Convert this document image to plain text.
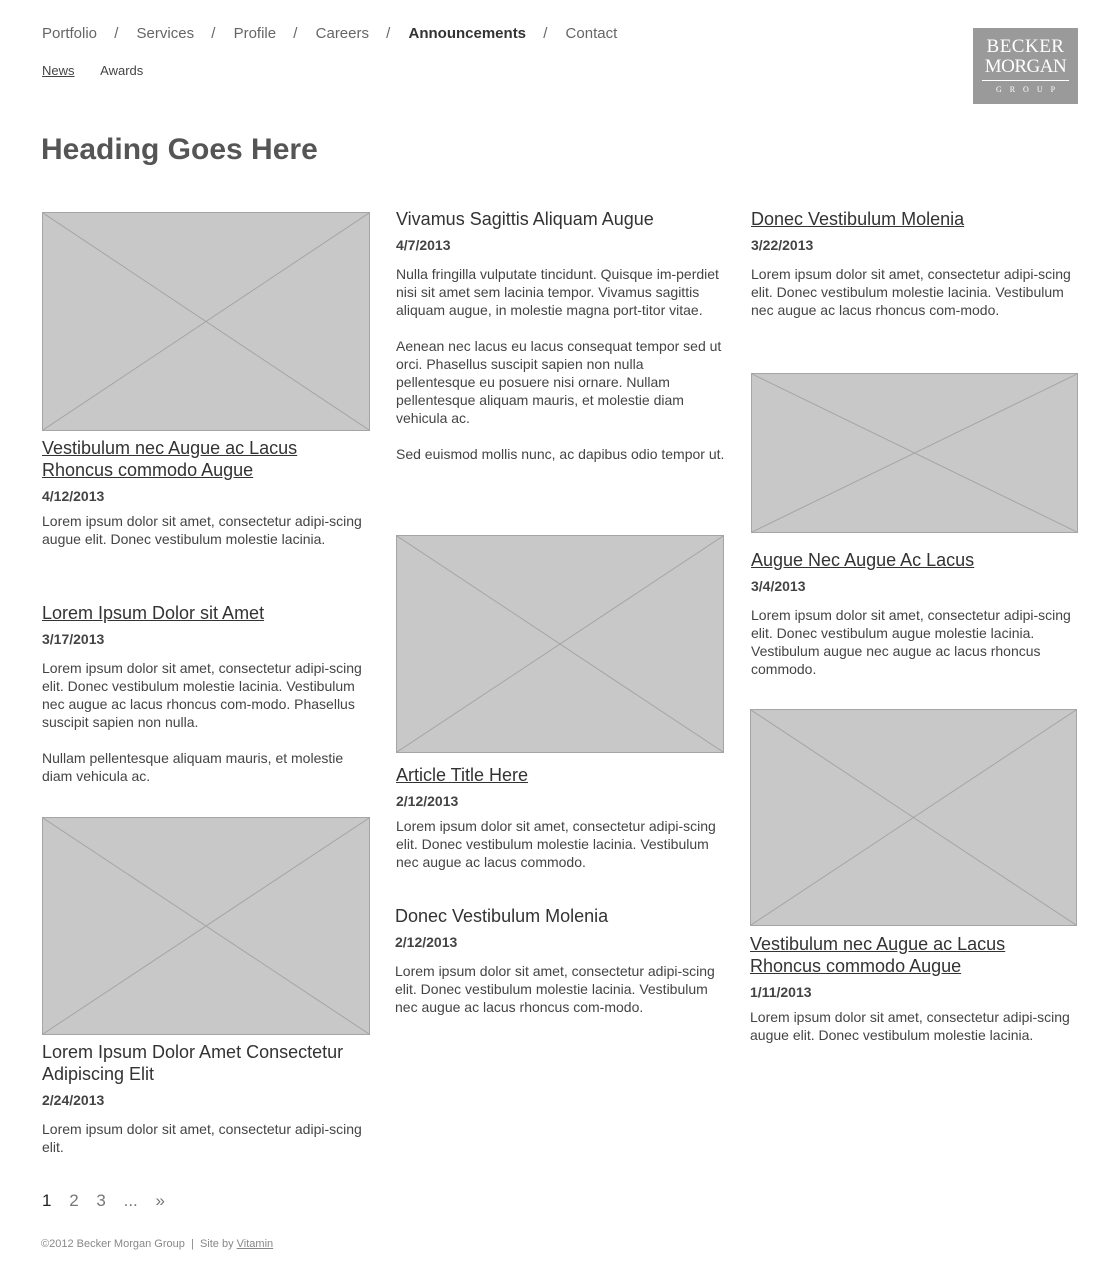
Portfolio / Services / Profile / Careers / Announcements / Contact
News Awards
BECKER
MORGAN
GROUP
Heading Goes Here
Vestibulum nec Augue ac Lacus Rhoncus commodo Augue
4/12/2013
Lorem ipsum dolor sit amet, consectetur adipi-scing augue elit. Donec vestibulum molestie lacinia.
Lorem Ipsum Dolor sit Amet
3/17/2013
Lorem ipsum dolor sit amet, consectetur adipi-scing elit. Donec vestibulum molestie lacinia. Vestibulum nec augue ac lacus rhoncus com-modo. Phasellus suscipit sapien non nulla.

Nullam pellentesque aliquam mauris, et molestie diam vehicula ac.
Lorem Ipsum Dolor Amet Consectetur Adipiscing Elit
2/24/2013
Lorem ipsum dolor sit amet, consectetur adipi-scing elit.
Vivamus Sagittis Aliquam Augue
4/7/2013
Nulla fringilla vulputate tincidunt. Quisque im-perdiet nisi sit amet sem lacinia tempor. Vivamus sagittis aliquam augue, in molestie magna port-titor vitae.

Aenean nec lacus eu lacus consequat tempor sed ut orci. Phasellus suscipit sapien non nulla pellentesque eu posuere nisi ornare. Nullam pellentesque aliquam mauris, et molestie diam vehicula ac.

Sed euismod mollis nunc, ac dapibus odio tempor ut.
Article Title Here
2/12/2013
Lorem ipsum dolor sit amet, consectetur adipi-scing elit. Donec vestibulum molestie lacinia. Vestibulum nec augue ac lacus commodo.
Donec Vestibulum Molenia
2/12/2013
Lorem ipsum dolor sit amet, consectetur adipi-scing elit. Donec vestibulum molestie lacinia. Vestibulum nec augue ac lacus rhoncus com-modo.
Donec Vestibulum Molenia
3/22/2013
Lorem ipsum dolor sit amet, consectetur adipi-scing elit. Donec vestibulum molestie lacinia. Vestibulum nec augue ac lacus rhoncus com-modo.
Augue Nec Augue Ac Lacus
3/4/2013
Lorem ipsum dolor sit amet, consectetur adipi-scing elit. Donec vestibulum augue molestie lacinia. Vestibulum augue nec augue ac lacus rhoncus commodo.
Vestibulum nec Augue ac Lacus Rhoncus commodo Augue
1/11/2013
Lorem ipsum dolor sit amet, consectetur adipi-scing augue elit. Donec vestibulum molestie lacinia.
1 2 3 ... »
©2012 Becker Morgan Group | Site by Vitamin
